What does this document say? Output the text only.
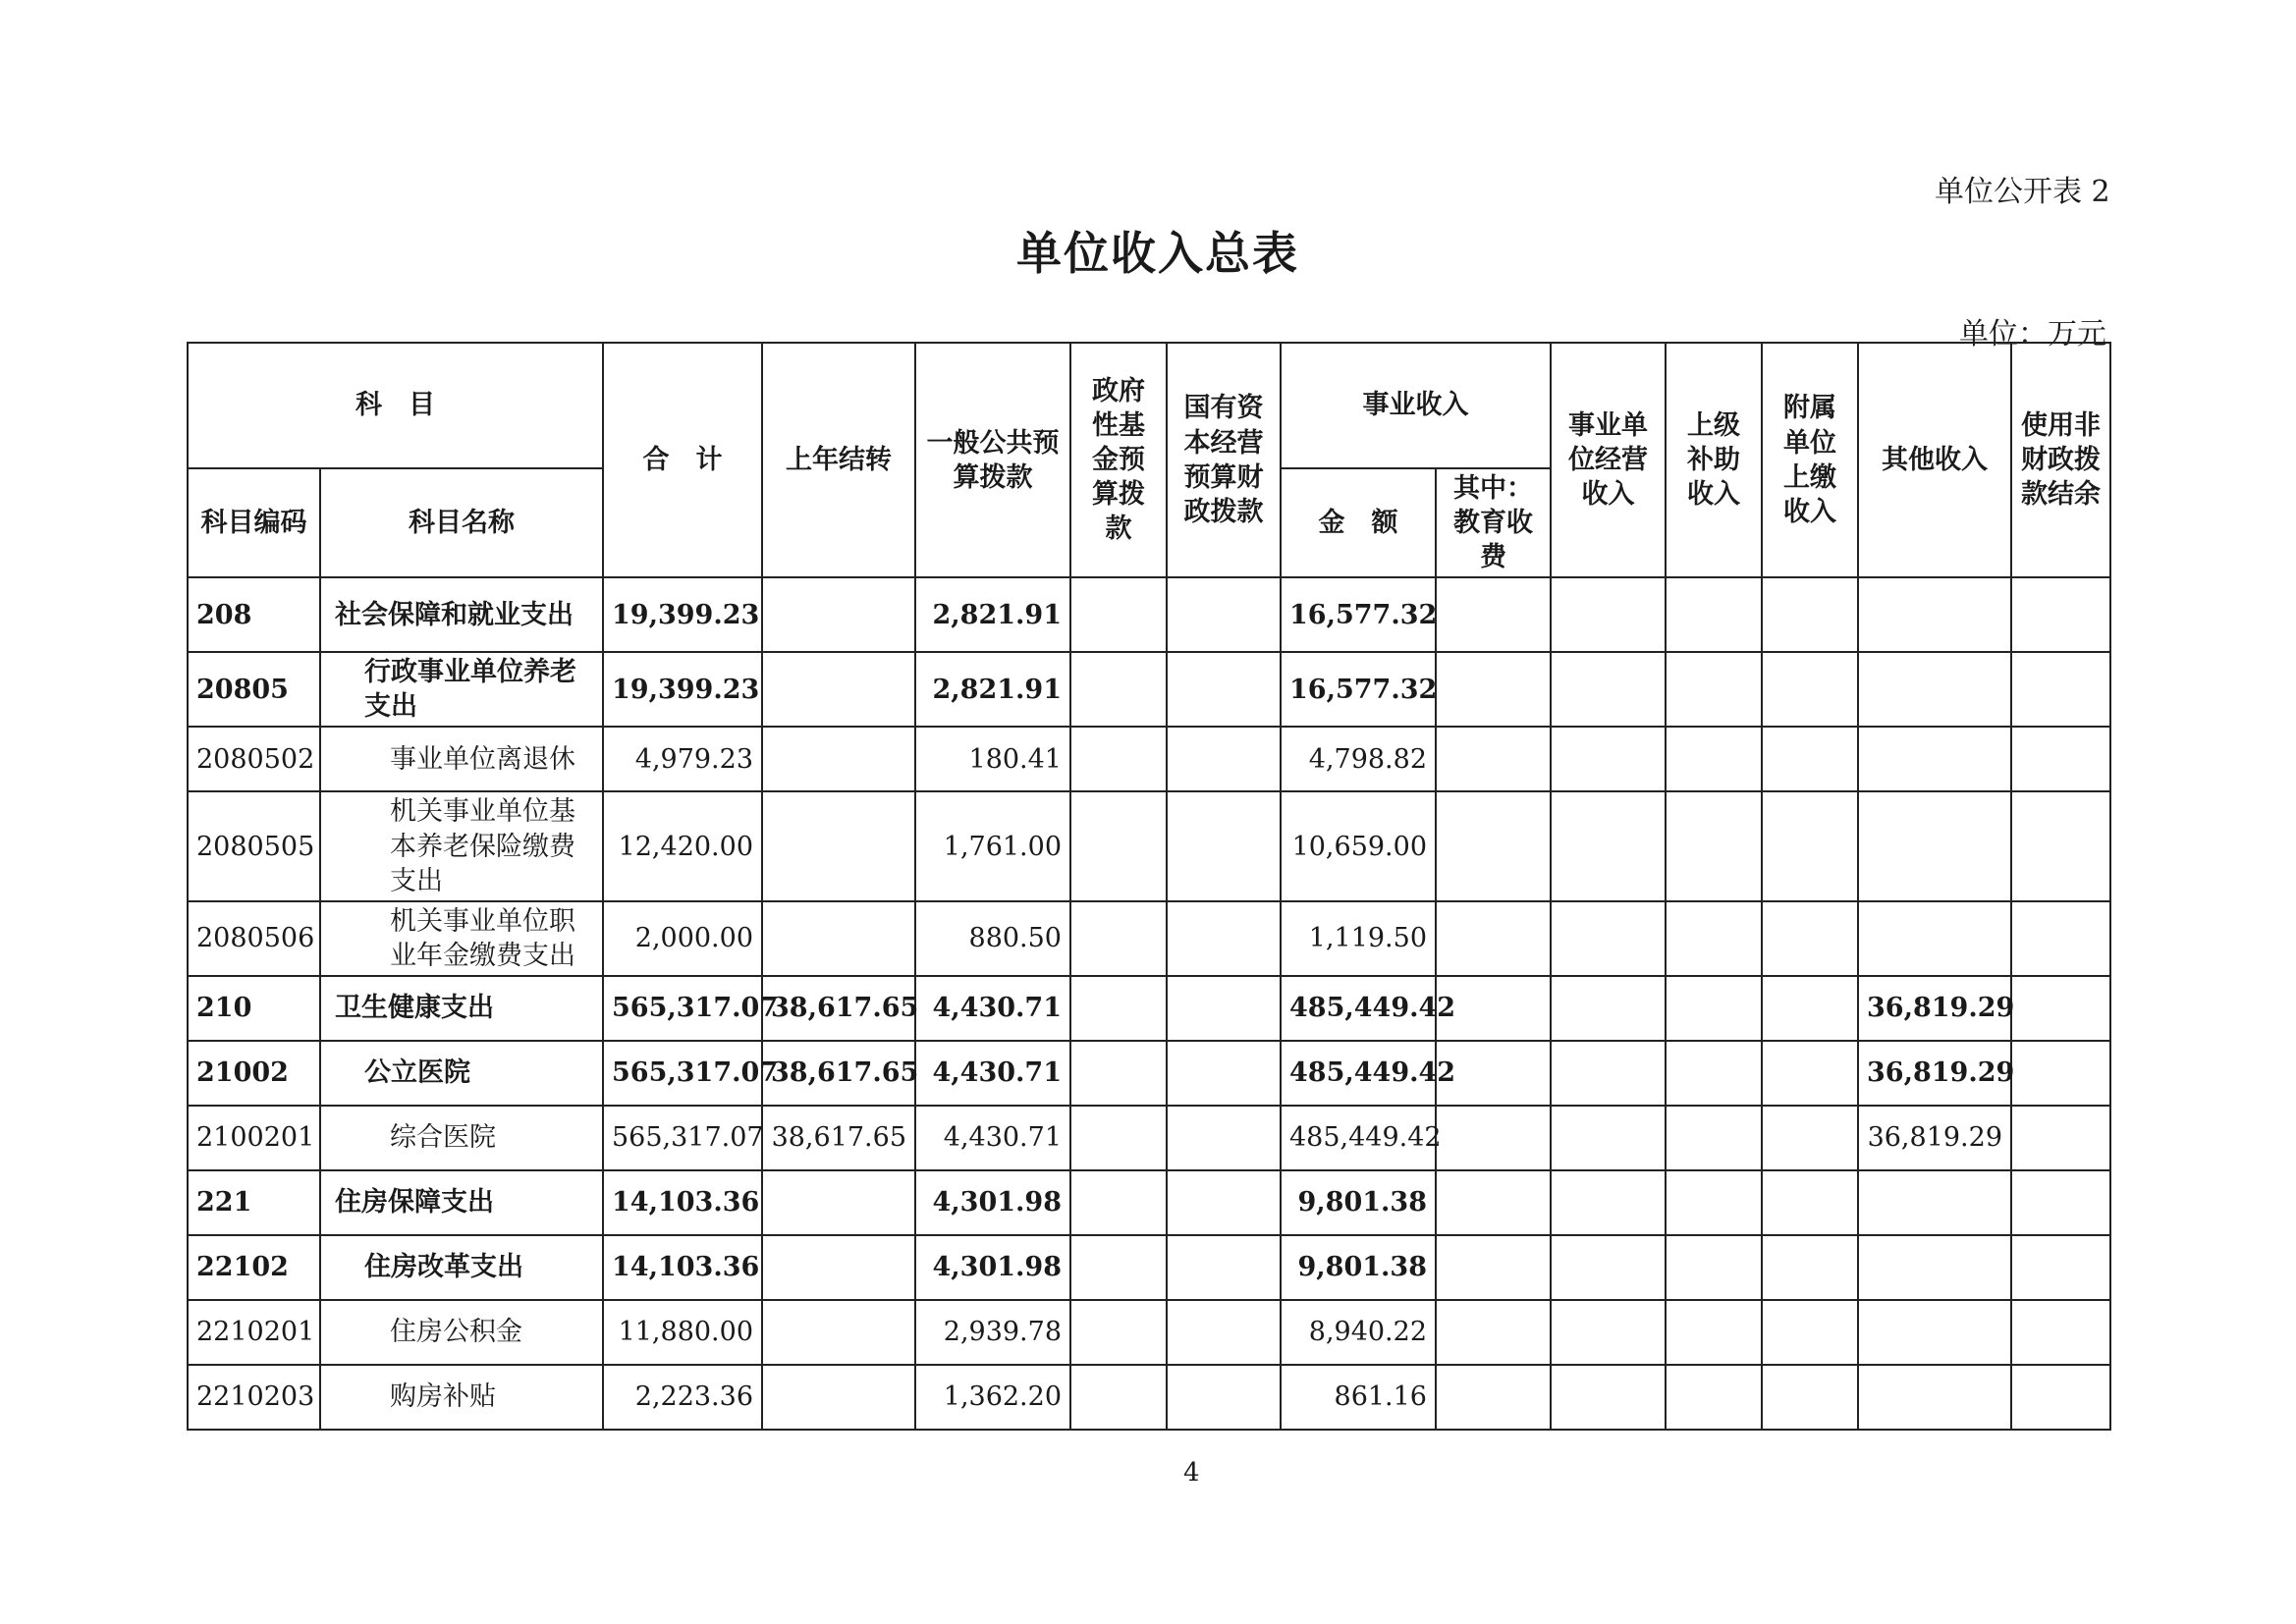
单位公开表 2
单位收入总表
单位：万元
科　目		合　计	上年结转	一般公共预算拨款	政府性基金预算拨款	国有资本经营预算财政拨款	事业收入		事业单位经营收入	上级补助收入	附属单位上缴收入	其他收入	使用非财政拨款结余
科目编码	科目名称						金　额	其中：教育收费					
208	社会保障和就业支出	19,399.23		2,821.91			16,577.32						
20805	行政事业单位养老支出	19,399.23		2,821.91			16,577.32						
2080502	事业单位离退休	4,979.23		180.41			4,798.82						
2080505	机关事业单位基本养老保险缴费支出	12,420.00		1,761.00			10,659.00						
2080506	机关事业单位职业年金缴费支出	2,000.00		880.50			1,119.50						
210	卫生健康支出	565,317.07	38,617.65	4,430.71			485,449.42					36,819.29	
21002	公立医院	565,317.07	38,617.65	4,430.71			485,449.42					36,819.29	
2100201	综合医院	565,317.07	38,617.65	4,430.71			485,449.42					36,819.29	
221	住房保障支出	14,103.36		4,301.98			9,801.38						
22102	住房改革支出	14,103.36		4,301.98			9,801.38						
2210201	住房公积金	11,880.00		2,939.78			8,940.22						
2210203	购房补贴	2,223.36		1,362.20			861.16						
4
